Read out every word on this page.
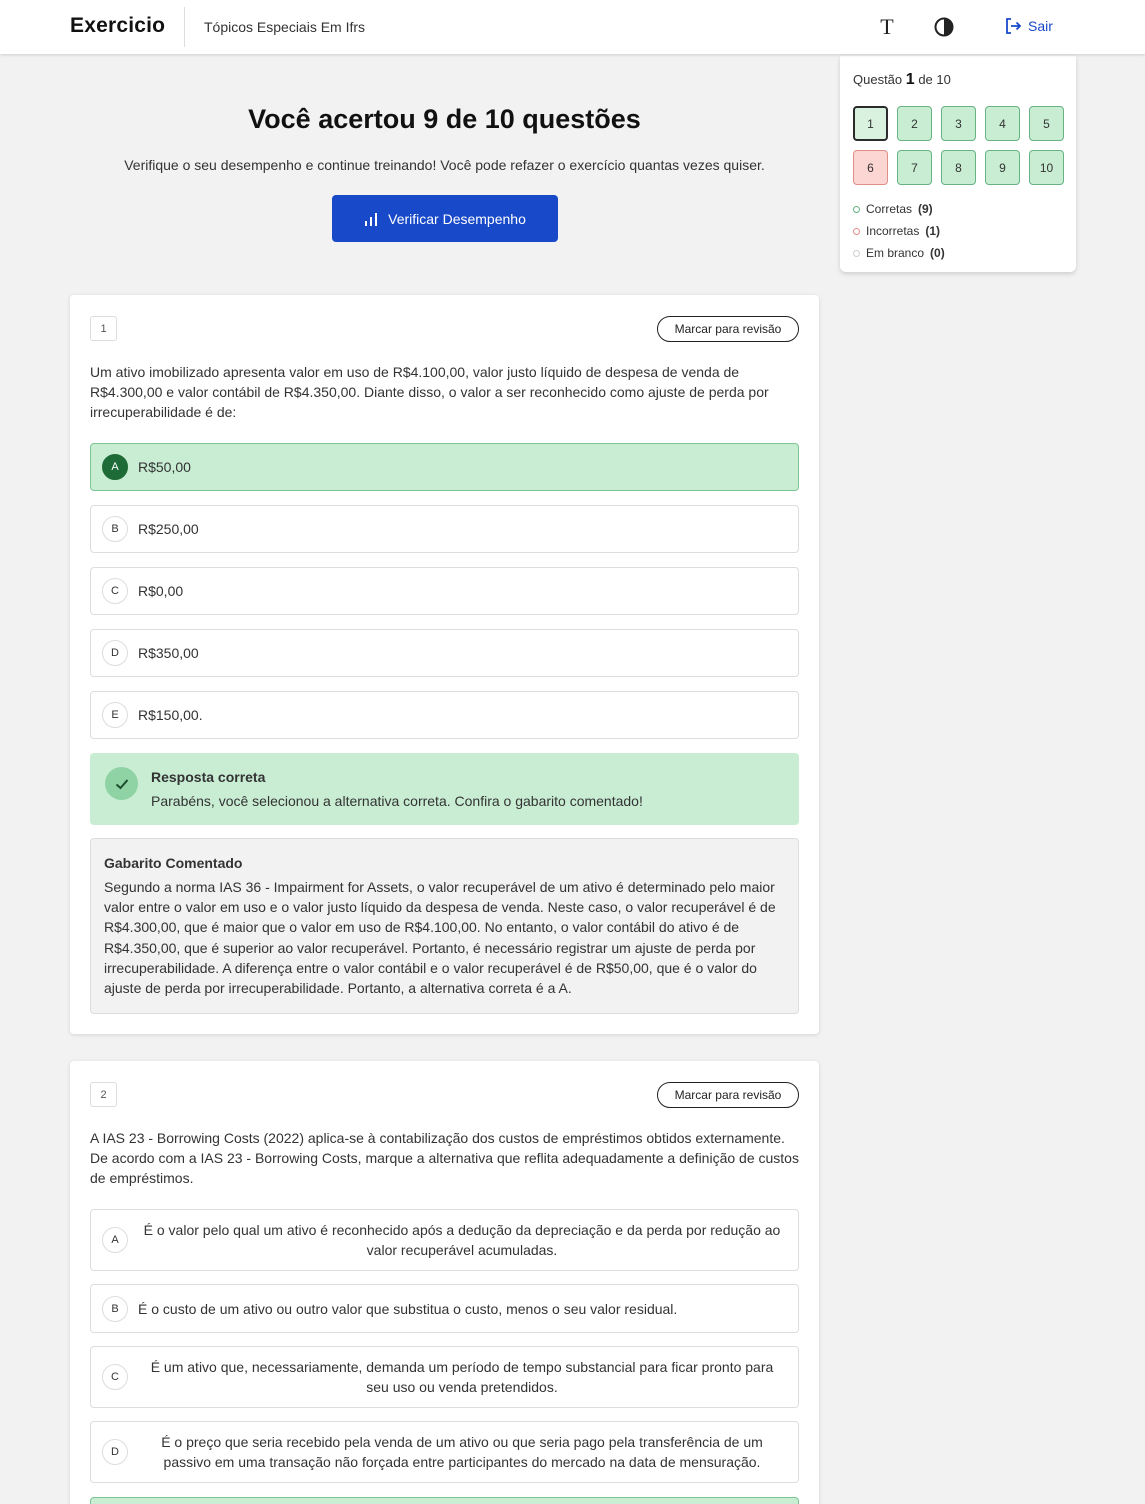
Exercicio	Tópicos Especiais Em Ifrs	T	Sair
Você acertou 9 de 10 questões
Verifique o seu desempenho e continue treinando! Você pode refazer o exercício quantas vezes quiser.
Verificar Desempenho
Questão 1 de 10
1	2	3	4	5
6	7	8	9	10
Corretas (9)
Incorretas (1)
Em branco (0)
1	Marcar para revisão
Um ativo imobilizado apresenta valor em uso de R$4.100,00, valor justo líquido de despesa de venda de R$4.300,00 e valor contábil de R$4.350,00. Diante disso, o valor a ser reconhecido como ajuste de perda por irrecuperabilidade é de:
A	R$50,00
B	R$250,00
C	R$0,00
D	R$350,00
E	R$150,00.
Resposta correta
Parabéns, você selecionou a alternativa correta. Confira o gabarito comentado!
Gabarito Comentado
Segundo a norma IAS 36 - Impairment for Assets, o valor recuperável de um ativo é determinado pelo maior valor entre o valor em uso e o valor justo líquido da despesa de venda. Neste caso, o valor recuperável é de R$4.300,00, que é maior que o valor em uso de R$4.100,00. No entanto, o valor contábil do ativo é de R$4.350,00, que é superior ao valor recuperável. Portanto, é necessário registrar um ajuste de perda por irrecuperabilidade. A diferença entre o valor contábil e o valor recuperável é de R$50,00, que é o valor do ajuste de perda por irrecuperabilidade. Portanto, a alternativa correta é a A.
2	Marcar para revisão
A IAS 23 - Borrowing Costs (2022) aplica-se à contabilização dos custos de empréstimos obtidos externamente. De acordo com a IAS 23 - Borrowing Costs, marque a alternativa que reflita adequadamente a definição de custos de empréstimos.
A
É o valor pelo qual um ativo é reconhecido após a dedução da depreciação e da perda por redução ao valor recuperável acumuladas.
B	É o custo de um ativo ou outro valor que substitua o custo, menos o seu valor residual.
C
É um ativo que, necessariamente, demanda um período de tempo substancial para ficar pronto para seu uso ou venda pretendidos.
D
É o preço que seria recebido pela venda de um ativo ou que seria pago pela transferência de um passivo em uma transação não forçada entre participantes do mercado na data de mensuração.
